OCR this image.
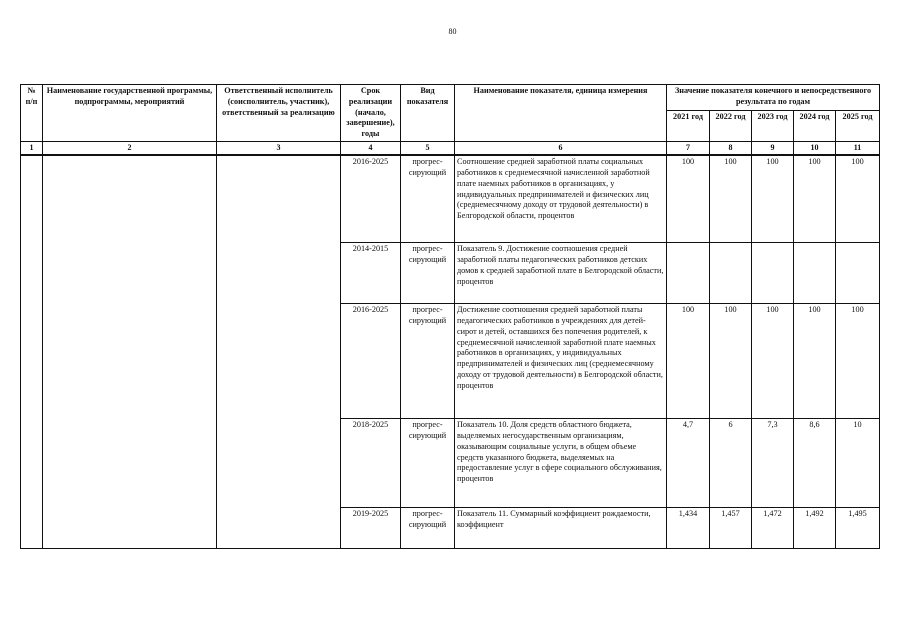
80
№ п/п	Наименование государственной программы, подпрограммы, мероприятий	Ответственный исполнитель (соисполнитель, участник), ответственный за реализацию	Срок реализации (начало, завершение), годы	Вид показателя	Наименование показателя, единица измерения	Значение показателя конечного и непосредственного результата по годам				
						2021 год	2022 год	2023 год	2024 год	2025 год
1	2	3	4	5	6	7	8	9	10	11
			2016-2025	прогрес-сирующий	Соотношение средней заработной платы социальных работников к среднемесячной начисленной заработной плате наемных работников в организациях, у индивидуальных предпринимателей и физических лиц (среднемесячному доходу от трудовой деятельности) в Белгородской области, процентов	100	100	100	100	100
			2014-2015	прогрес-сирующий	Показатель 9. Достижение соотношения средней заработной платы педагогических работников детских домов к средней заработной плате в Белгородской области, процентов					
			2016-2025	прогрес-сирующий	Достижение соотношения средней заработной платы педагогических работников в учреждениях для детей-сирот и детей, оставшихся без попечения родителей, к среднемесячной начисленной заработной плате наемных работников в организациях, у индивидуальных предпринимателей и физических лиц (среднемесячному доходу от трудовой деятельности) в Белгородской области, процентов	100	100	100	100	100
			2018-2025	прогрес-сирующий	Показатель 10. Доля средств областного бюджета, выделяемых негосударственным организациям, оказывающим социальные услуги, в общем объеме средств указанного бюджета, выделяемых на предоставление услуг в сфере социального обслуживания, процентов	4,7	6	7,3	8,6	10
			2019-2025	прогрес-сирующий	Показатель 11. Суммарный коэффициент рождаемости, коэффициент	1,434	1,457	1,472	1,492	1,495
